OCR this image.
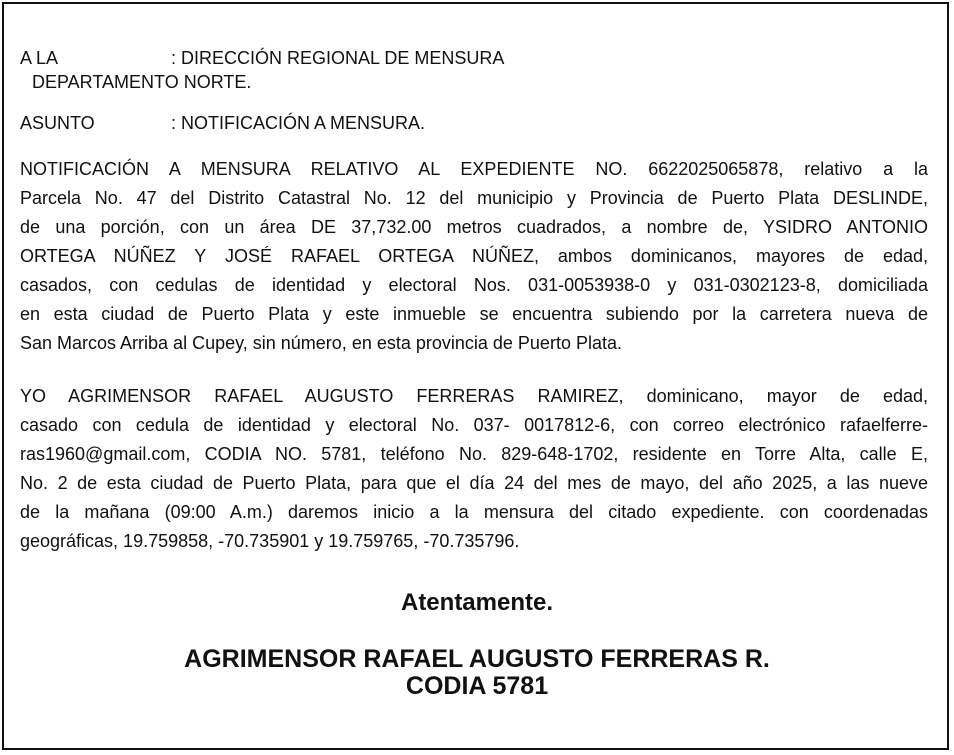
A LA	: DIRECCIÓN REGIONAL DE MENSURA
DEPARTAMENTO NORTE.
ASUNTO	: NOTIFICACIÓN A MENSURA.
NOTIFICACIÓN A MENSURA RELATIVO AL EXPEDIENTE NO. 6622025065878, relativo a la
Parcela No. 47 del Distrito Catastral No. 12 del municipio y Provincia de Puerto Plata DESLINDE,
de una porción, con un área DE 37,732.00 metros cuadrados, a nombre de, YSIDRO ANTONIO
ORTEGA NÚÑEZ Y JOSÉ RAFAEL ORTEGA NÚÑEZ, ambos dominicanos, mayores de edad,
casados, con cedulas de identidad y electoral Nos. 031-0053938-0 y 031-0302123-8, domiciliada
en esta ciudad de Puerto Plata y este inmueble se encuentra subiendo por la carretera nueva de
San Marcos Arriba al Cupey, sin número, en esta provincia de Puerto Plata.
YO AGRIMENSOR RAFAEL AUGUSTO FERRERAS RAMIREZ, dominicano, mayor de edad,
casado con cedula de identidad y electoral No. 037- 0017812-6, con correo electrónico rafaelferre-
ras1960@gmail.com, CODIA NO. 5781, teléfono No. 829-648-1702, residente en Torre Alta, calle E,
No. 2 de esta ciudad de Puerto Plata, para que el día 24 del mes de mayo, del año 2025, a las nueve
de la mañana (09:00 A.m.) daremos inicio a la mensura del citado expediente. con coordenadas
geográficas, 19.759858, -70.735901 y 19.759765, -70.735796.
Atentamente.
AGRIMENSOR RAFAEL AUGUSTO FERRERAS R.
CODIA 5781
